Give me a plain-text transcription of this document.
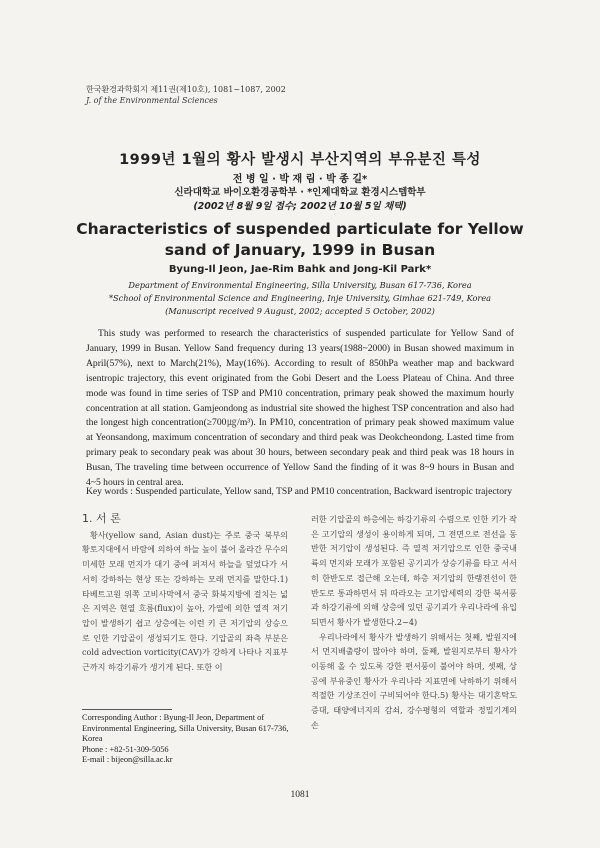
한국환경과학회지 제11권(제10호), 1081~1087, 2002
J. of the Environmental Sciences
1999년 1월의 황사 발생시 부산지역의 부유분진 특성
전 병 일 · 박 재 림 · 박 종 길*
신라대학교 바이오환경공학부 · *인제대학교 환경시스템학부
(2002년 8월 9일 접수; 2002년 10월 5일 채택)
Characteristics of suspended particulate for Yellow sand of January, 1999 in Busan
Byung-Il Jeon, Jae-Rim Bahk and Jong-Kil Park*
Department of Environmental Engineering, Silla University, Busan 617-736, Korea
*School of Environmental Science and Engineering, Inje University, Gimhae 621-749, Korea
(Manuscript received 9 August, 2002; accepted 5 October, 2002)

This study was performed to research the characteristics of suspended particulate for Yellow Sand of January, 1999 in Busan. Yellow Sand frequency during 13 years(1988~2000) in Busan showed maximum in April(57%), next to March(21%), May(16%). According to result of 850hPa weather map and backward isentropic trajectory, this event originated from the Gobi Desert and the Loess Plateau of China. And three mode was found in time series of TSP and PM10 concentration, primary peak showed the maximum hourly concentration at all station. Gamjeondong as industrial site showed the highest TSP concentration and also had the longest high concentration(≥700㎍/m³). In PM10, concentration of primary peak showed maximum value at Yeonsandong, maximum concentration of secondary and third peak was Deokcheondong. Lasted time from primary peak to secondary peak was about 30 hours, between secondary peak and third peak was 18 hours in Busan, The traveling time between occurrence of Yellow Sand the finding of it was 8~9 hours in Busan and 4~5 hours in central area.

Key words : Suspended particulate, Yellow sand, TSP and PM10 concentration, Backward isentropic trajectory
1. 서 론

황사(yellow sand, Asian dust)는 주로 중국 북부의 황토지대에서 바람에 의하여 하늘 높이 불어 올라간 무수의 미세한 모래 먼지가 대기 중에 퍼져서 하늘을 덮었다가 서서히 강하하는 현상 또는 강하하는 모래 먼지를 말한다.1) 타베트고원 위쪽 고비사막에서 중국 화북지방에 걸치는 넓은 지역은 현열 흐름(flux)이 높아, 가열에 의한 열적 저기압이 발생하기 쉽고 상층에는 이런 키 큰 저기압의 상승으로 인한 기압골이 생성되기도 한다. 기압골의 좌측 부분은 cold advection vorticity(CAV)가 강하게 나타나 지표부근까지 하강기류가 생기게 된다. 또한 이

러한 기압골의 하층에는 하강기류의 수렴으로 인한 키가 작은 고기압의 생성이 용이하게 되며, 그 전면으로 전선을 동반한 저기압이 생성된다. 즉 열적 저기압으로 인한 중국내륙의 먼지와 모래가 포함된 공기괴가 상승기류를 타고 서서히 한반도로 접근해 오는데, 하층 저기압의 한랭전선이 한반도로 통과하면서 뒤 따라오는 고기압세력의 강한 북서풍과 하강기류에 의해 상층에 있던 공기괴가 우리나라에 유입되면서 황사가 발생한다.2~4)

우리나라에서 황사가 발생하기 위해서는 첫째, 발원지에서 먼지배출량이 많아야 하며, 둘째, 발원지로부터 황사가 이동해 올 수 있도록 강한 편서풍이 불어야 하며, 셋째, 상공에 부유중인 황사가 우리나라 지표면에 낙하하기 위해서 적절한 기상조건이 구비되어야 한다.5) 황사는 대기혼탁도 증대, 태양에너지의 감쇠, 강수평형의 역할과 정밀기계의 손

Corresponding Author : Byung-Il Jeon, Department of Environmental Engineering, Silla University, Busan 617-736, Korea
Phone : +82-51-309-5056
E-mail : bijeon@silla.ac.kr
1081
